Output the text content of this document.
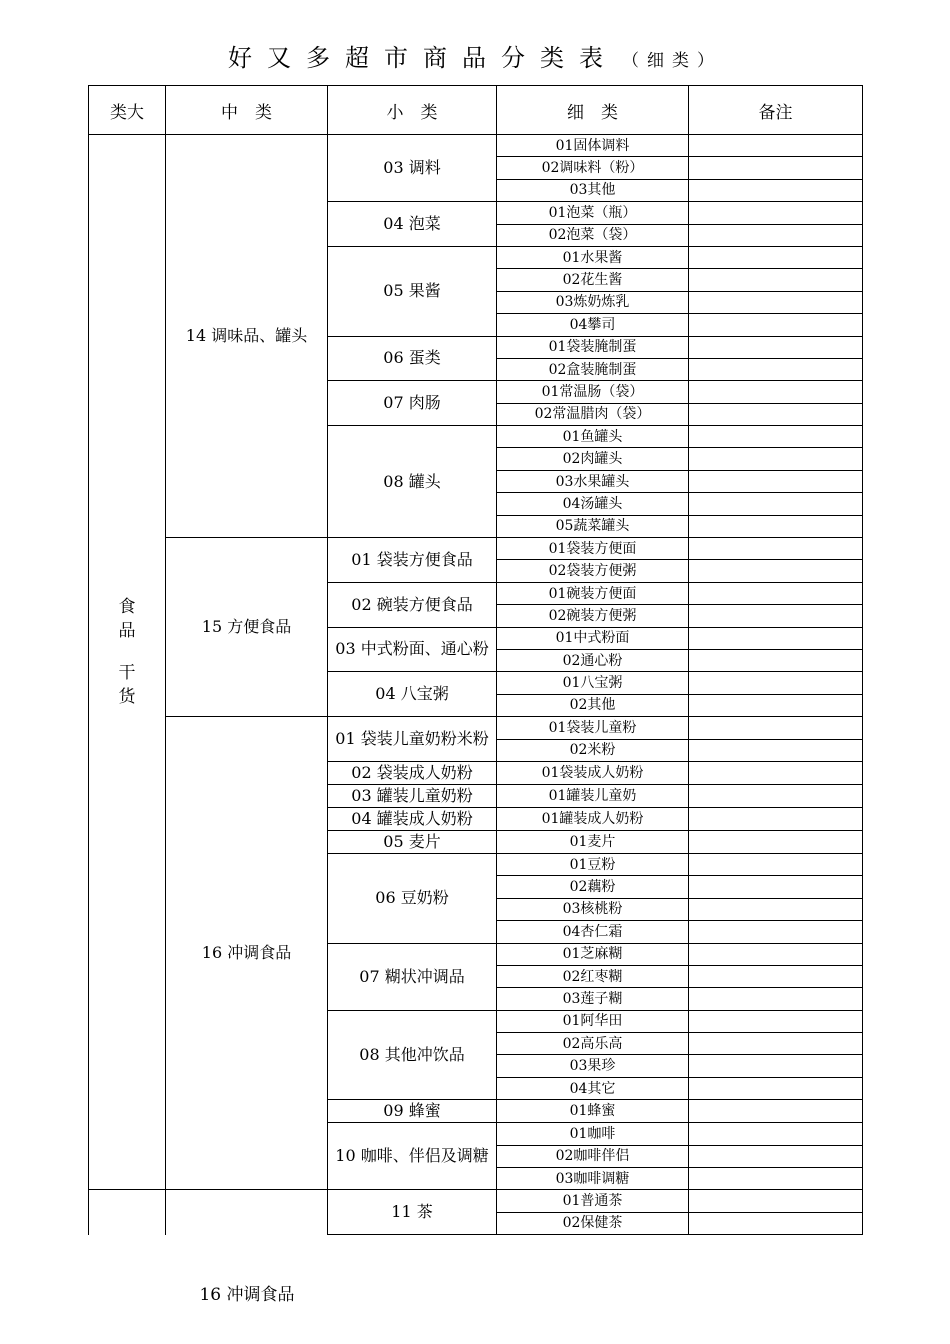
好又多超市商品分类表 （细类）
类大	中　类	小　类	细　类	备注

食
品
干
货	14 调味品、罐头	03 调料	01固体调料	
			02调味料（粉）	
			03其他	
		04 泡菜	01泡菜（瓶）	
			02泡菜（袋）	
		05 果酱	01水果酱	
			02花生酱	
			03炼奶炼乳	
			04攀司	
		06 蛋类	01袋装腌制蛋	
			02盒装腌制蛋	
		07 肉肠	01常温肠（袋）	
			02常温腊肉（袋）	
		08 罐头	01鱼罐头	
			02肉罐头	
			03水果罐头	
			04汤罐头	
			05蔬菜罐头	
	15 方便食品	01 袋装方便食品	01袋装方便面	
			02袋装方便粥	
		02 碗装方便食品	01碗装方便面	
			02碗装方便粥	
		03 中式粉面、通心粉	01中式粉面	
			02通心粉	
		04 八宝粥	01八宝粥	
			02其他	
	16 冲调食品	01 袋装儿童奶粉米粉	01袋装儿童粉	
			02米粉	
		02 袋装成人奶粉	01袋装成人奶粉	
		03 罐装儿童奶粉	01罐装儿童奶	
		04 罐装成人奶粉	01罐装成人奶粉	
		05 麦片	01麦片	
		06 豆奶粉	01豆粉	
			02藕粉	
			03核桃粉	
			04杏仁霜	
		07 糊状冲调品	01芝麻糊	
			02红枣糊	
			03莲子糊	
		08 其他冲饮品	01阿华田	
			02高乐高	
			03果珍	
			04其它	
		09 蜂蜜	01蜂蜜	
		10 咖啡、伴侣及调糖	01咖啡	
			02咖啡伴侣	
			03咖啡调糖	
		11 茶	01普通茶	
			02保健茶	
16 冲调食品
